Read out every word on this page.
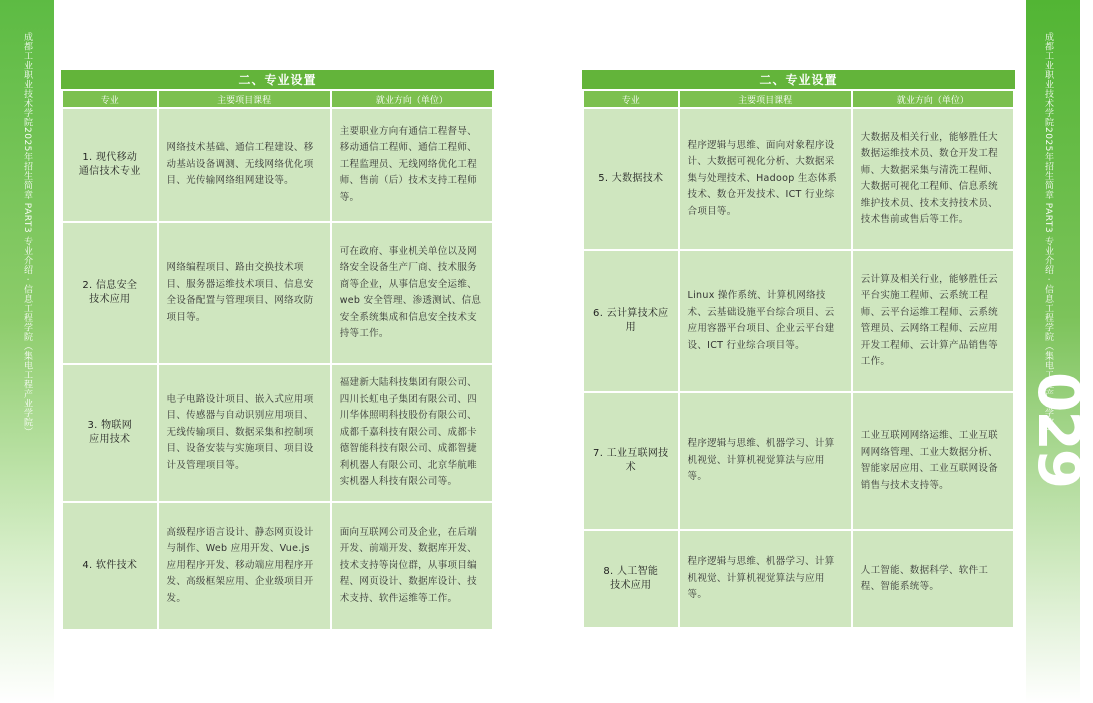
成都工业职业技术学院2025年招生简章 PART3 专业介绍 · 信息工程学院（集电工程产业学院）	成都工业职业技术学院2025年招生简章 PART3 专业介绍 · 信息工程学院（集电工程产业学院）
029
二、专业设置
专业	主要项目课程	就业方向（单位）

1. 现代移动
通信技术专业	网络技术基础、通信工程建设、移动基站设备调测、无线网络优化项目、光传输网络组网建设等。	主要职业方向有通信工程督导、移动通信工程师、通信工程师、工程监理员、无线网络优化工程师、售前（后）技术支持工程师等。

2. 信息安全
技术应用	网络编程项目、路由交换技术项目、服务器运维技术项目、信息安全设备配置与管理项目、网络攻防项目等。	可在政府、事业机关单位以及网络安全设备生产厂商、技术服务商等企业，从事信息安全运维、web 安全管理、渗透测试、信息安全系统集成和信息安全技术支持等工作。

3. 物联网
应用技术	电子电路设计项目、嵌入式应用项目、传感器与自动识别应用项目、无线传输项目、数据采集和控制项目、设备安装与实施项目、项目设计及管理项目等。	福建新大陆科技集团有限公司、四川长虹电子集团有限公司、四川华体照明科技股份有限公司、成都千嘉科技有限公司、成都卡德智能科技有限公司、成都智捷利机器人有限公司、北京华航唯实机器人科技有限公司等。

4. 软件技术	高级程序语言设计、静态网页设计与制作、Web 应用开发、Vue.js 应用程序开发、移动端应用程序开发、高级框架应用、企业级项目开发。	面向互联网公司及企业，在后端开发、前端开发、数据库开发、技术支持等岗位群，从事项目编程、网页设计、数据库设计、技术支持、软件运维等工作。
二、专业设置
专业	主要项目课程	就业方向（单位）

5. 大数据技术	程序逻辑与思维、面向对象程序设计、大数据可视化分析、大数据采集与处理技术、Hadoop 生态体系技术、数仓开发技术、ICT 行业综合项目等。	大数据及相关行业，能够胜任大数据运维技术员、数仓开发工程师、大数据采集与清洗工程师、大数据可视化工程师、信息系统维护技术员、技术支持技术员、技术售前或售后等工作。

6. 云计算技术应用	Linux 操作系统、计算机网络技术、云基础设施平台综合项目、云应用容器平台项目、企业云平台建设、ICT 行业综合项目等。	云计算及相关行业，能够胜任云平台实施工程师、云系统工程师、云平台运维工程师、云系统管理员、云网络工程师、云应用开发工程师、云计算产品销售等工作。

7. 工业互联网技术	程序逻辑与思维、机器学习、计算机视觉、计算机视觉算法与应用等。	工业互联网网络运维、工业互联网网络管理、工业大数据分析、智能家居应用、工业互联网设备销售与技术支持等。

8. 人工智能
技术应用	程序逻辑与思维、机器学习、计算机视觉、计算机视觉算法与应用等。	人工智能、数据科学、软件工程、智能系统等。
